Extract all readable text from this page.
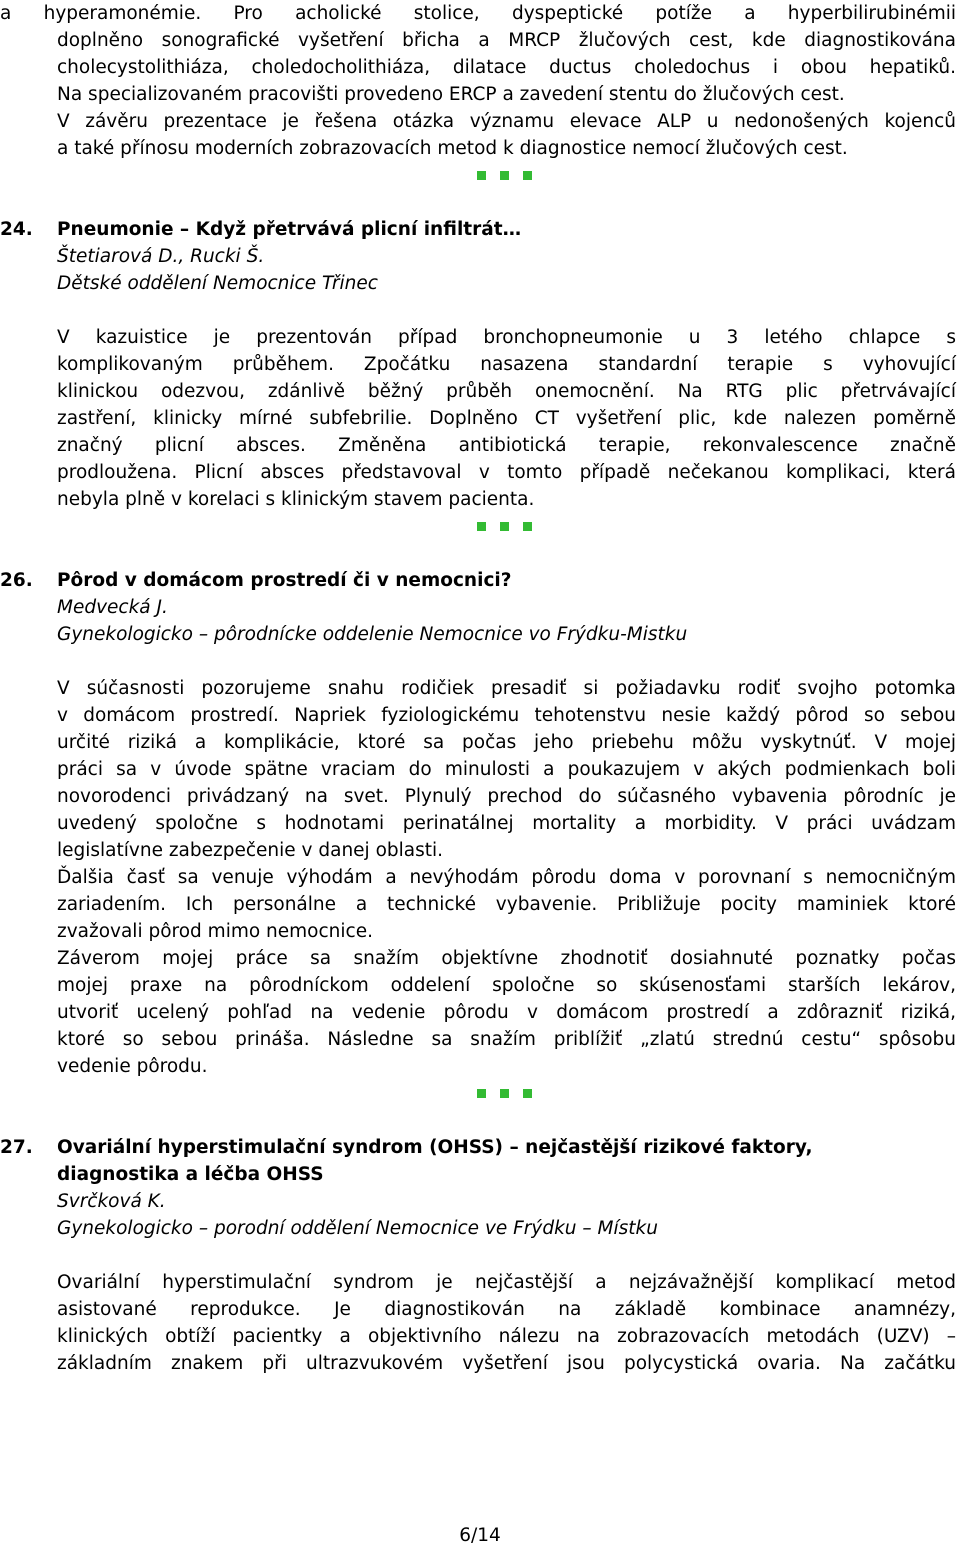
a hyperamonémie. Pro acholické stolice, dyspeptické potíže a hyperbilirubinémii
doplněno sonografické vyšetření břicha a MRCP žlučových cest, kde diagnostikována
cholecystolithiáza, choledocholithiáza, dilatace ductus choledochus i obou hepatiků.
Na specializovaném pracovišti provedeno ERCP a zavedení stentu do žlučových cest.
V závěru prezentace je řešena otázka významu elevace ALP u nedonošených kojenců
a také přínosu moderních zobrazovacích metod k diagnostice nemocí žlučových cest.
24.	Pneumonie – Když přetrvává plicní infiltrát…
Štetiarová D., Rucki Š.
Dětské oddělení Nemocnice Třinec
V kazuistice je prezentován případ bronchopneumonie u 3 letého chlapce s
komplikovaným průběhem. Zpočátku nasazena standardní terapie s vyhovující
klinickou odezvou, zdánlivě běžný průběh onemocnění. Na RTG plic přetrvávající
zastření, klinicky mírné subfebrilie. Doplněno CT vyšetření plic, kde nalezen poměrně
značný plicní absces. Změněna antibiotická terapie, rekonvalescence značně
prodloužena. Plicní absces představoval v tomto případě nečekanou komplikaci, která
nebyla plně v korelaci s klinickým stavem pacienta.
26.	Pôrod v domácom prostredí či v nemocnici?
Medvecká J.
Gynekologicko – pôrodnícke oddelenie Nemocnice vo Frýdku-Mistku
V súčasnosti pozorujeme snahu rodičiek presadiť si požiadavku rodiť svojho potomka
v domácom prostredí. Napriek fyziologickému tehotenstvu nesie každý pôrod so sebou
určité riziká a komplikácie, ktoré sa počas jeho priebehu môžu vyskytnúť. V mojej
práci sa v úvode spätne vraciam do minulosti a poukazujem v akých podmienkach boli
novorodenci privádzaný na svet. Plynulý prechod do súčasného vybavenia pôrodníc je
uvedený spoločne s hodnotami perinatálnej mortality a morbidity. V práci uvádzam
legislatívne zabezpečenie v danej oblasti.
Ďalšia časť sa venuje výhodám a nevýhodám pôrodu doma v porovnaní s nemocničným
zariadením. Ich personálne a technické vybavenie. Približuje pocity maminiek ktoré
zvažovali pôrod mimo nemocnice.
Záverom mojej práce sa snažím objektívne zhodnotiť dosiahnuté poznatky počas
mojej praxe na pôrodníckom oddelení spoločne so skúsenosťami starších lekárov,
utvoriť ucelený pohľad na vedenie pôrodu v domácom prostredí a zdôrazniť riziká,
ktoré so sebou prináša. Následne sa snažím priblížiť „zlatú strednú cestu“ spôsobu
vedenie pôrodu.
27.	Ovariální hyperstimulační syndrom (OHSS) – nejčastější rizikové faktory,
diagnostika a léčba OHSS
Svrčková K.
Gynekologicko – porodní oddělení Nemocnice ve Frýdku – Místku
Ovariální hyperstimulační syndrom je nejčastější a nejzávažnější komplikací metod
asistované reprodukce. Je diagnostikován na základě kombinace anamnézy,
klinických obtíží pacientky a objektivního nálezu na zobrazovacích metodách (UZV) –
základním znakem při ultrazvukovém vyšetření jsou polycystická ovaria. Na začátku
6/14
